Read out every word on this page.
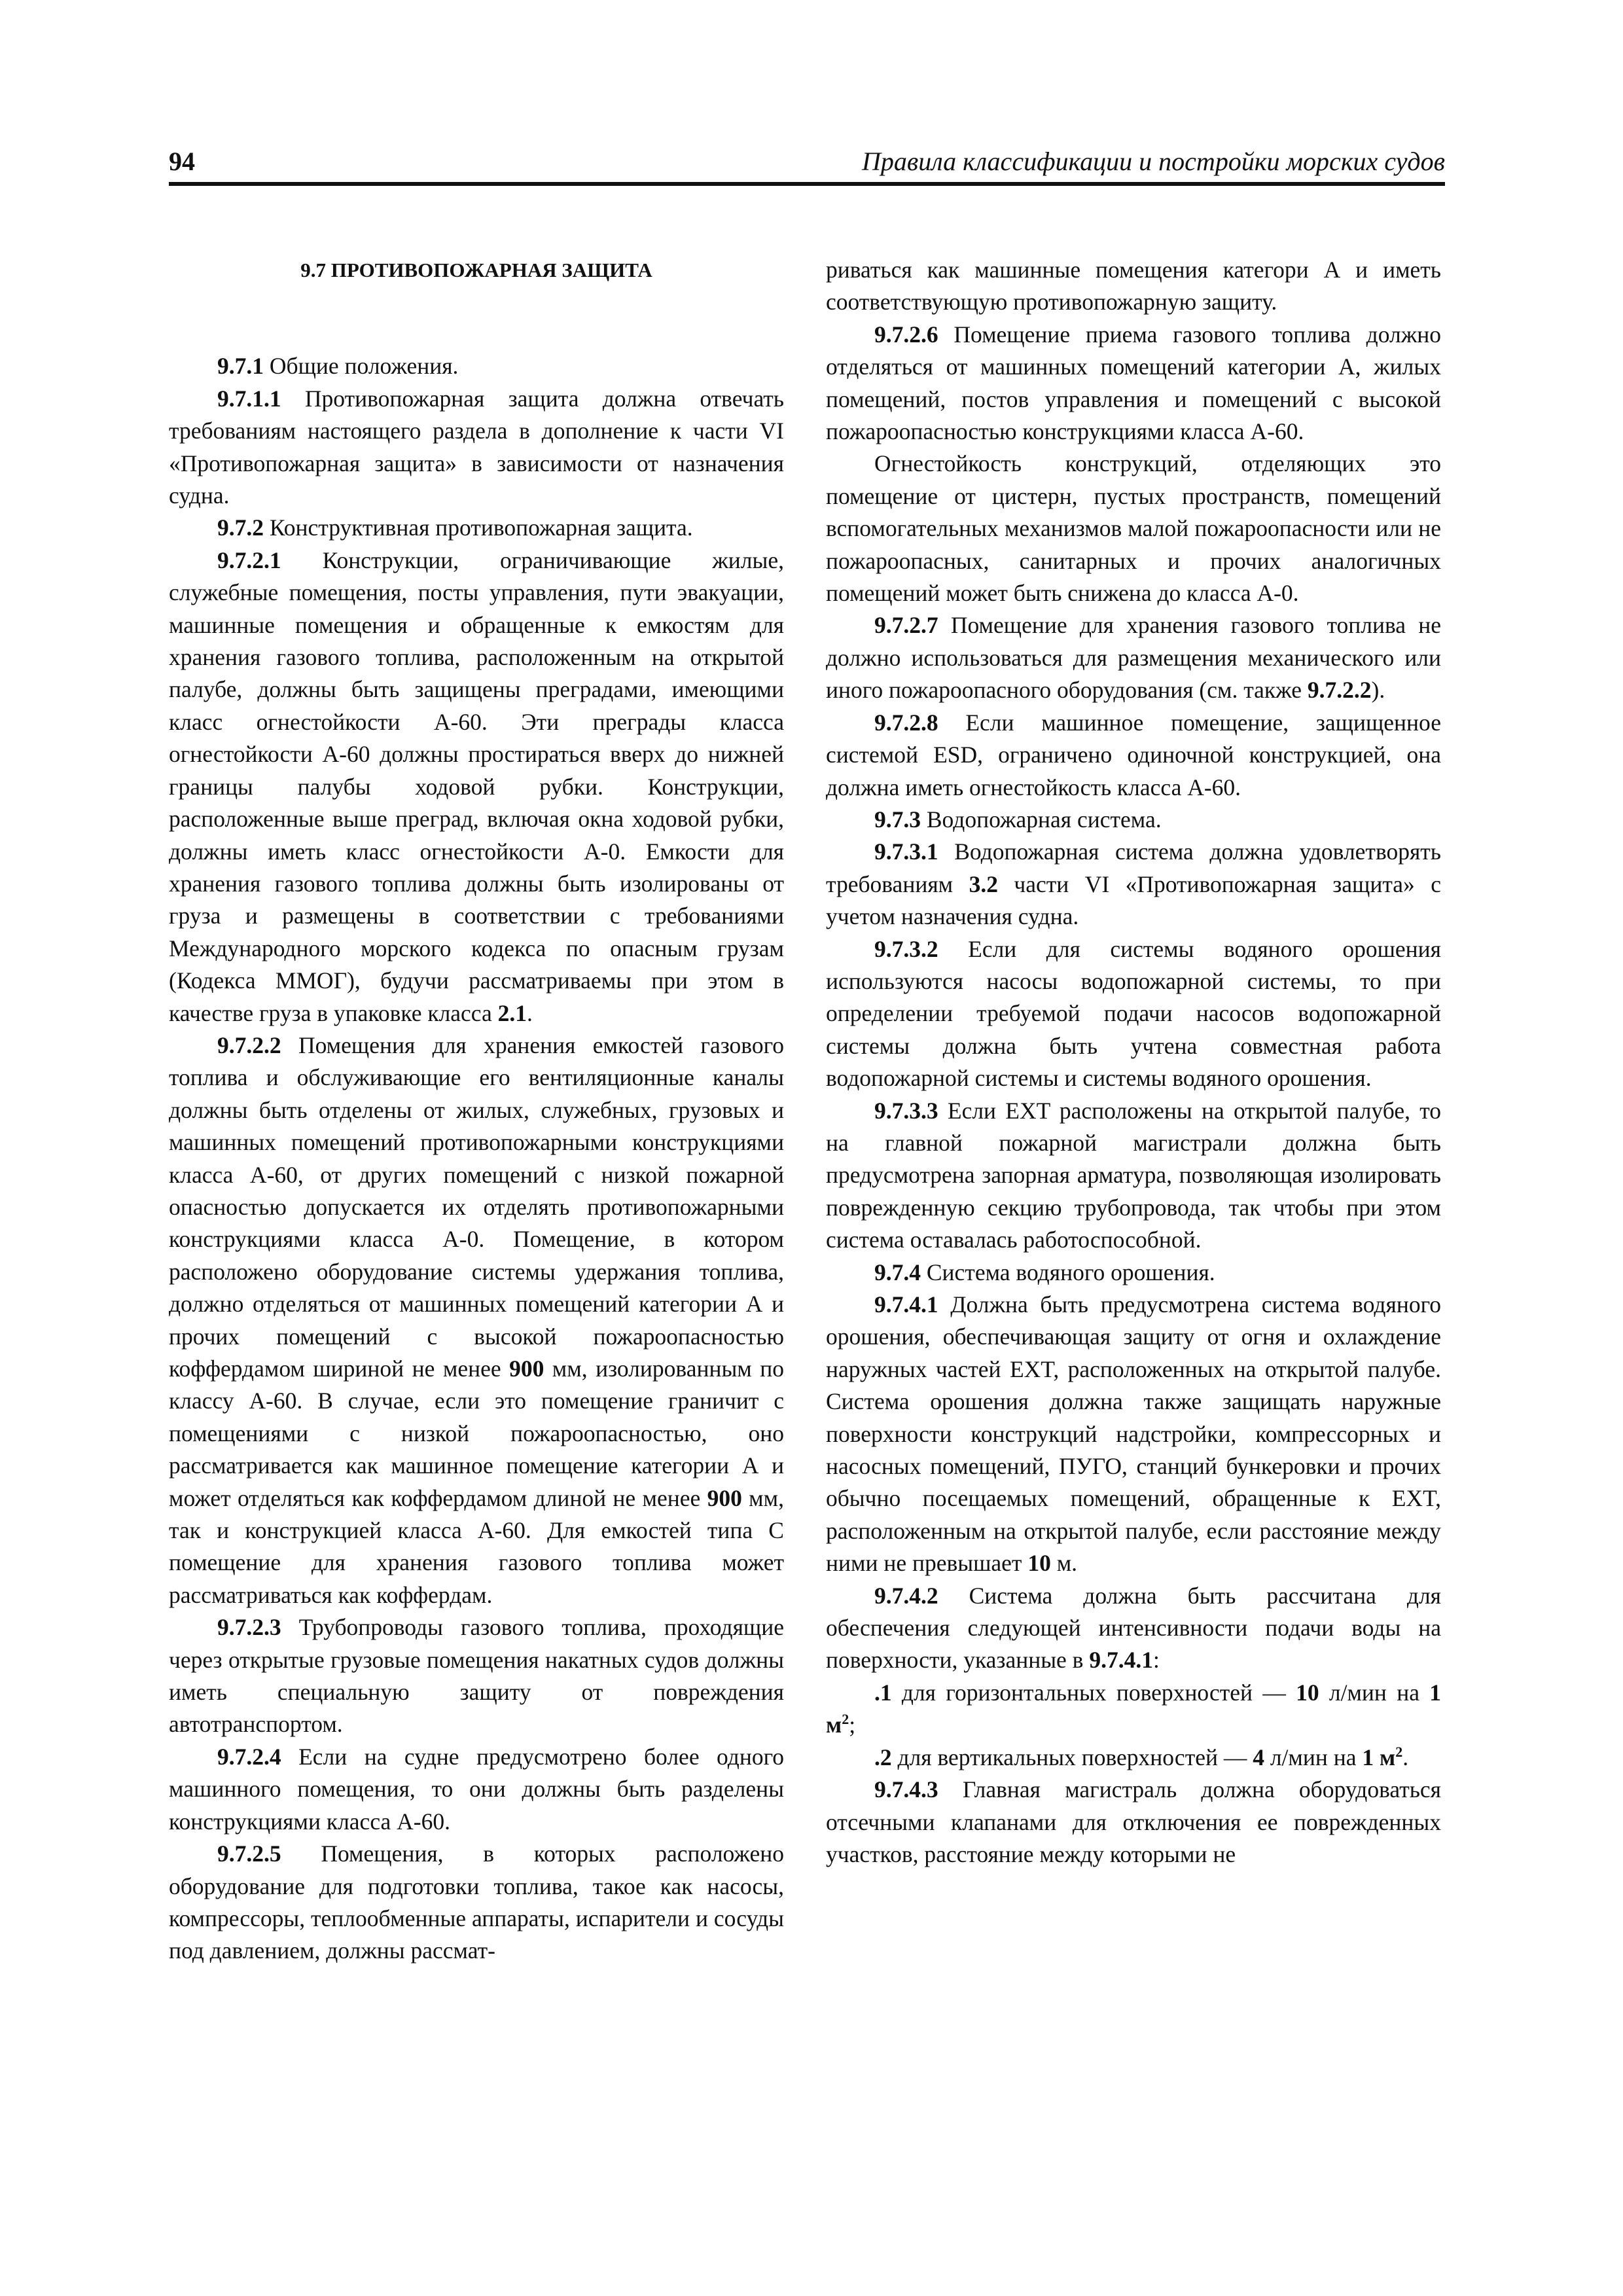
94	Правила классификации и постройки морских судов

9.7 ПРОТИВОПОЖАРНАЯ ЗАЩИТА

9.7.1 Общие положения.

9.7.1.1 Противопожарная защита должна отвечать требованиям настоящего раздела в дополнение к части VI «Противопожарная защита» в зависимости от назначения судна.

9.7.2 Конструктивная противопожарная защита.

9.7.2.1 Конструкции, ограничивающие жилые, служебные помещения, посты управления, пути эвакуации, машинные помещения и обращенные к емкостям для хранения газового топлива, расположенным на открытой палубе, должны быть защищены преградами, имеющими класс огнестойкости А-60. Эти преграды класса огнестойкости А-60 должны простираться вверх до нижней границы палубы ходовой рубки. Конструкции, расположенные выше преград, включая окна ходовой рубки, должны иметь класс огнестойкости А-0. Емкости для хранения газового топлива должны быть изолированы от груза и размещены в соответствии с требованиями Международного морского кодекса по опасным грузам (Кодекса ММОГ), будучи рассматриваемы при этом в качестве груза в упаковке класса 2.1.

9.7.2.2 Помещения для хранения емкостей газового топлива и обслуживающие его вентиляционные каналы должны быть отделены от жилых, служебных, грузовых и машинных помещений противопожарными конструкциями класса А-60, от других помещений с низкой пожарной опасностью допускается их отделять противопожарными конструкциями класса А-0. Помещение, в котором расположено оборудование системы удержания топлива, должно отделяться от машинных помещений категории А и прочих помещений с высокой пожароопасностью коффердамом шириной не менее 900 мм, изолированным по классу А-60. В случае, если это помещение граничит с помещениями с низкой пожароопасностью, оно рассматривается как машинное помещение категории А и может отделяться как коффердамом длиной не менее 900 мм, так и конструкцией класса А-60. Для емкостей типа С помещение для хранения газового топлива может рассматриваться как коффердам.

9.7.2.3 Трубопроводы газового топлива, проходящие через открытые грузовые помещения накатных судов должны иметь специальную защиту от повреждения автотранспортом.

9.7.2.4 Если на судне предусмотрено более одного машинного помещения, то они должны быть разделены конструкциями класса А-60.

9.7.2.5 Помещения, в которых расположено оборудование для подготовки топлива, такое как насосы, компрессоры, теплообменные аппараты, испарители и сосуды под давлением, должны рассмат-

риваться как машинные помещения категори А и иметь соответствующую противопожарную защиту.

9.7.2.6 Помещение приема газового топлива должно отделяться от машинных помещений категории А, жилых помещений, постов управления и помещений с высокой пожароопасностью конструкциями класса А-60.

Огнестойкость конструкций, отделяющих это помещение от цистерн, пустых пространств, помещений вспомогательных механизмов малой пожароопасности или не пожароопасных, санитарных и прочих аналогичных помещений может быть снижена до класса А-0.

9.7.2.7 Помещение для хранения газового топлива не должно использоваться для размещения механического или иного пожароопасного оборудования (см. также 9.7.2.2).

9.7.2.8 Если машинное помещение, защищенное системой ESD, ограничено одиночной конструкцией, она должна иметь огнестойкость класса А-60.

9.7.3 Водопожарная система.

9.7.3.1 Водопожарная система должна удовлетворять требованиям 3.2 части VI «Противопожарная защита» с учетом назначения судна.

9.7.3.2 Если для системы водяного орошения используются насосы водопожарной системы, то при определении требуемой подачи насосов водопожарной системы должна быть учтена совместная работа водопожарной системы и системы водяного орошения.

9.7.3.3 Если EXT расположены на открытой палубе, то на главной пожарной магистрали должна быть предусмотрена запорная арматура, позволяющая изолировать поврежденную секцию трубопровода, так чтобы при этом система оставалась работоспособной.

9.7.4 Система водяного орошения.

9.7.4.1 Должна быть предусмотрена система водяного орошения, обеспечивающая защиту от огня и охлаждение наружных частей EXT, расположенных на открытой палубе. Система орошения должна также защищать наружные поверхности конструкций надстройки, компрессорных и насосных помещений, ПУГО, станций бункеровки и прочих обычно посещаемых помещений, обращенные к EXT, расположенным на открытой палубе, если расстояние между ними не превышает 10 м.

9.7.4.2 Система должна быть рассчитана для обеспечения следующей интенсивности подачи воды на поверхности, указанные в 9.7.4.1:

.1 для горизонтальных поверхностей — 10 л/мин на 1 м$^2$;

.2 для вертикальных поверхностей — 4 л/мин на 1 м$^2$.

9.7.4.3 Главная магистраль должна оборудоваться отсечными клапанами для отключения ее поврежденных участков, расстояние между которыми не
